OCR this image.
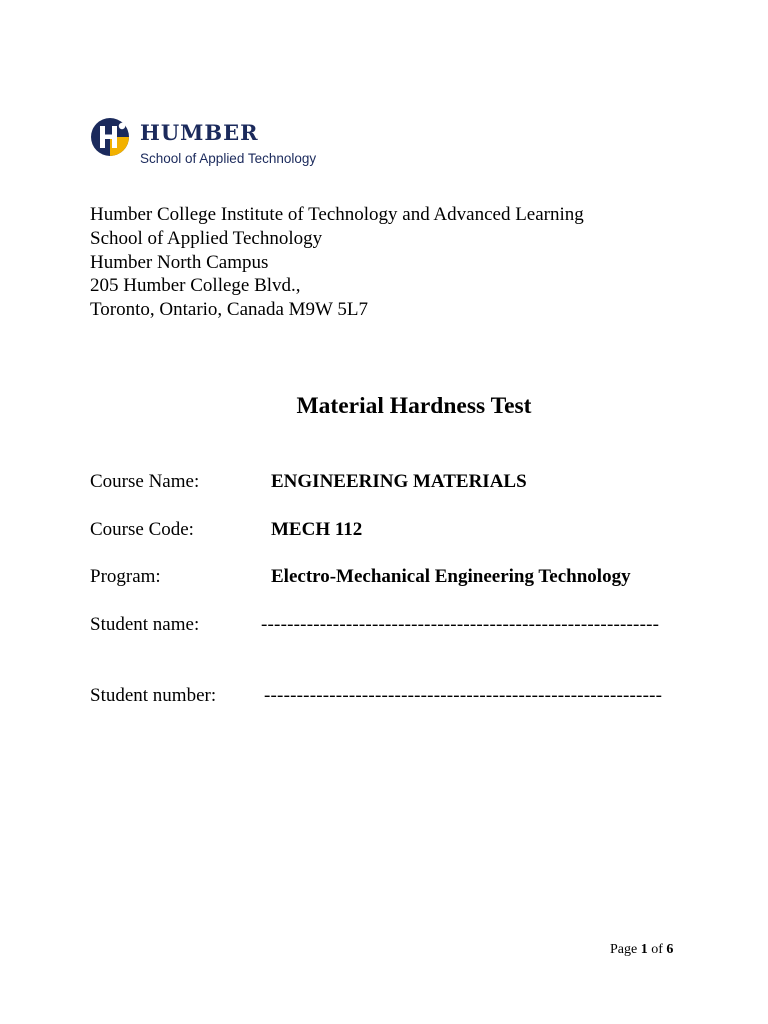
HUMBER
School of Applied Technology
Humber College Institute of Technology and Advanced Learning
School of Applied Technology
Humber North Campus
205 Humber College Blvd.,
Toronto, Ontario, Canada M9W 5L7
Material Hardness Test
Course Name:	ENGINEERING MATERIALS
Course Code:	MECH 112
Program:	Electro-Mechanical Engineering Technology
Student name:	-------------------------------------------------------------
Student number:	-------------------------------------------------------------
Page 1 of 6
